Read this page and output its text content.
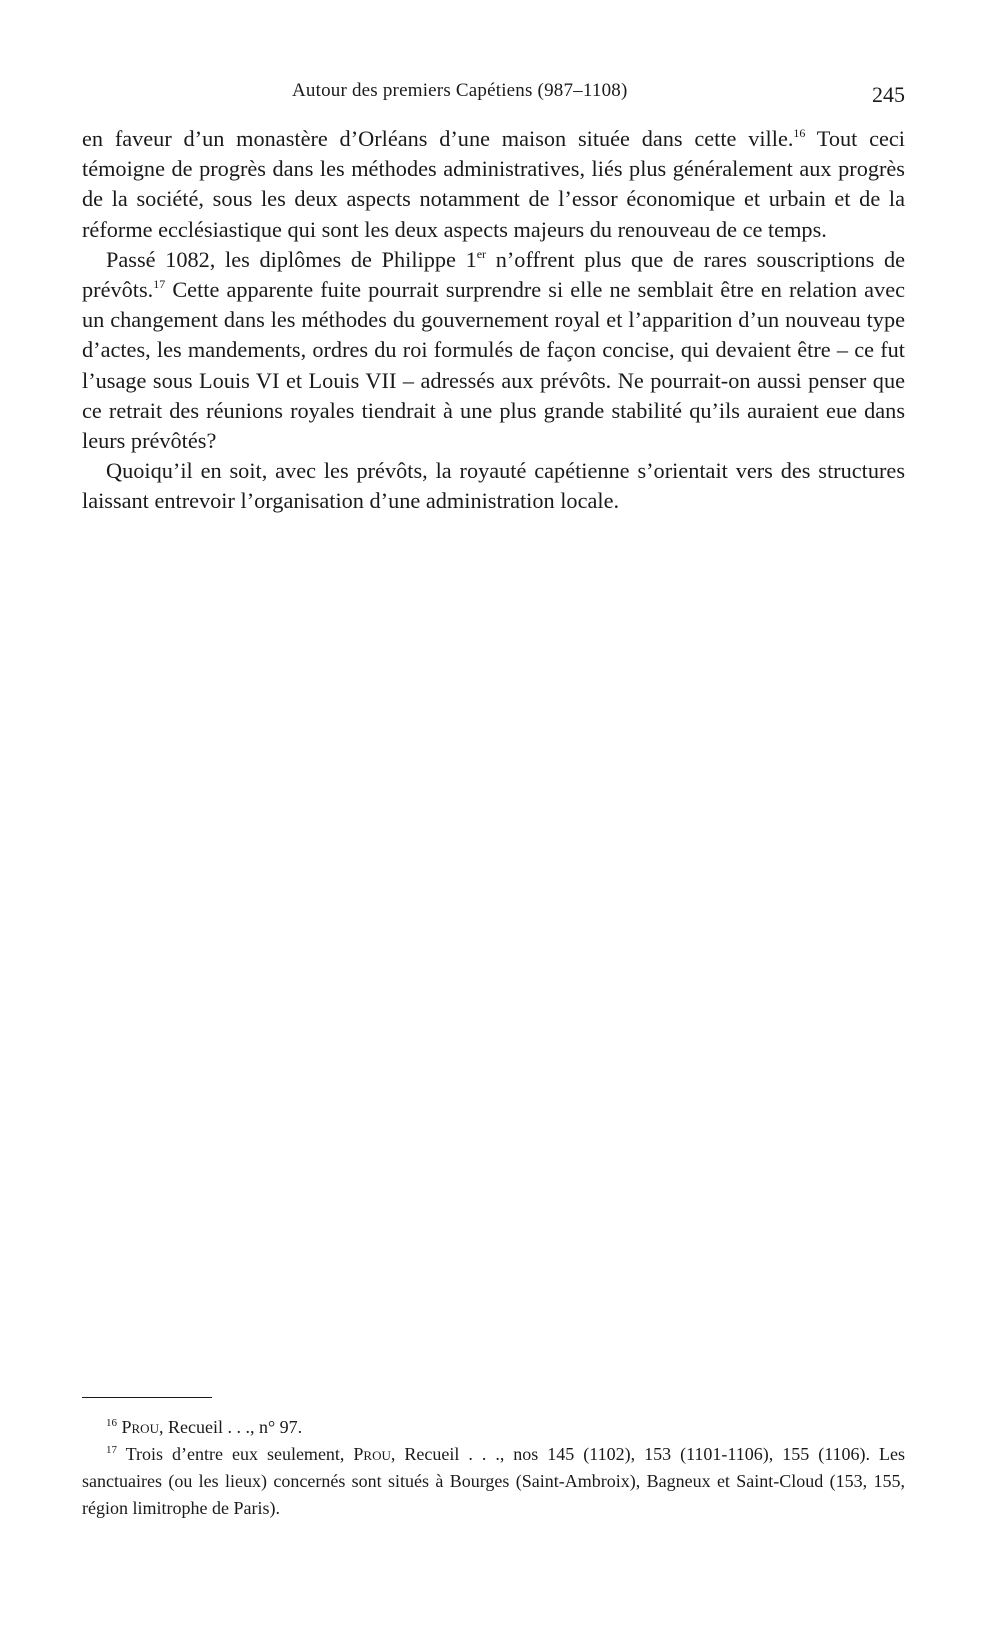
Autour des premiers Capétiens (987–1108)	245

en faveur d’un monastère d’Orléans d’une maison située dans cette ville.$^{16}$ Tout ceci témoigne de progrès dans les méthodes administratives, liés plus généralement aux progrès de la société, sous les deux aspects notamment de l’essor économique et urbain et de la réforme ecclésiastique qui sont les deux aspects majeurs du renouveau de ce temps.

Passé 1082, les diplômes de Philippe 1er n’offrent plus que de rares souscriptions de prévôts.$^{17}$ Cette apparente fuite pourrait surprendre si elle ne semblait être en relation avec un changement dans les méthodes du gouvernement royal et l’apparition d’un nouveau type d’actes, les mandements, ordres du roi formulés de façon concise, qui devaient être – ce fut l’usage sous Louis VI et Louis VII – adressés aux prévôts. Ne pourrait-on aussi penser que ce retrait des réunions royales tiendrait à une plus grande stabilité qu’ils auraient eue dans leurs prévôtés?

Quoiqu’il en soit, avec les prévôts, la royauté capétienne s’orientait vers des structures laissant entrevoir l’organisation d’une administration locale.

$^{16}$ Prou, Recueil . . ., n° 97.

$^{17}$ Trois d’entre eux seulement, Prou, Recueil . . ., nos 145 (1102), 153 (1101-1106), 155 (1106). Les sanctuaires (ou les lieux) concernés sont situés à Bourges (Saint-Ambroix), Bagneux et Saint-Cloud (153, 155, région limitrophe de Paris).
